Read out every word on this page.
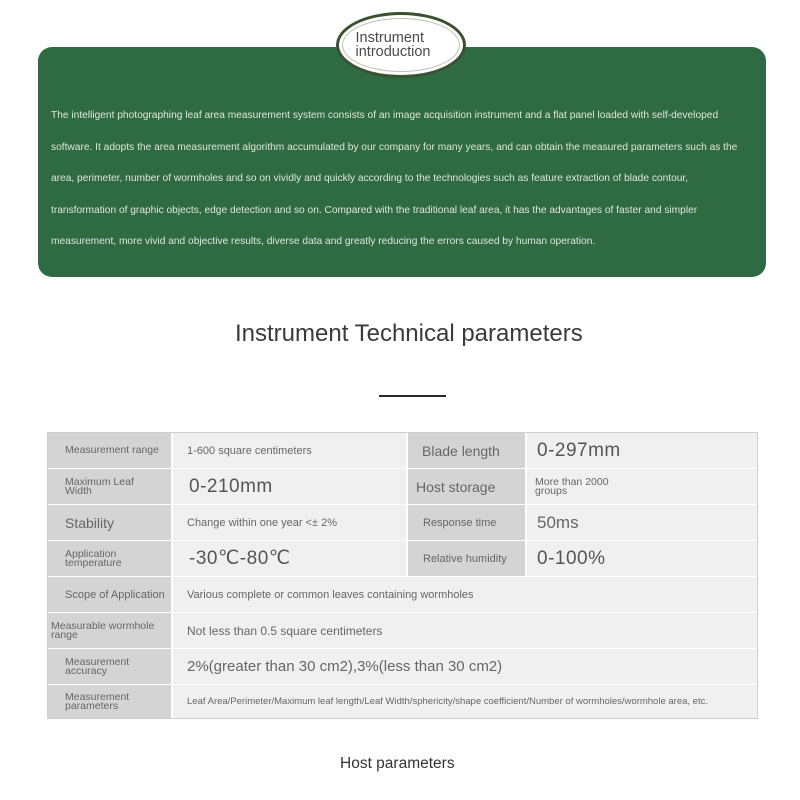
The intelligent photographing leaf area measurement system consists of an image acquisition instrument and a flat panel loaded with self-developed software. It adopts the area measurement algorithm accumulated by our company for many years, and can obtain the measured parameters such as the area, perimeter, number of wormholes and so on vividly and quickly according to the technologies such as feature extraction of blade contour, transformation of graphic objects, edge detection and so on. Compared with the traditional leaf area, it has the advantages of faster and simpler measurement, more vivid and objective results, diverse data and greatly reducing the errors caused by human operation.

Instrument introduction
Instrument Technical parameters
Measurement range	1-600 square centimeters	Blade length	0-297mm
Maximum Leaf Width	0-210mm	Host storage	More than 2000 groups
Stability	Change within one year <± 2%	Response time	50ms
Application temperature	-30℃-80℃	Relative humidity	0-100%
Scope of Application	Various complete or common leaves containing wormholes
Measurable wormhole range	Not less than 0.5 square centimeters
Measurement accuracy	2%(greater than 30 cm2),3%(less than 30 cm2)
Measurement parameters	Leaf Area/Perimeter/Maximum leaf length/Leaf Width/sphericity/shape coefficient/Number of wormholes/wormhole area, etc.
Host parameters
